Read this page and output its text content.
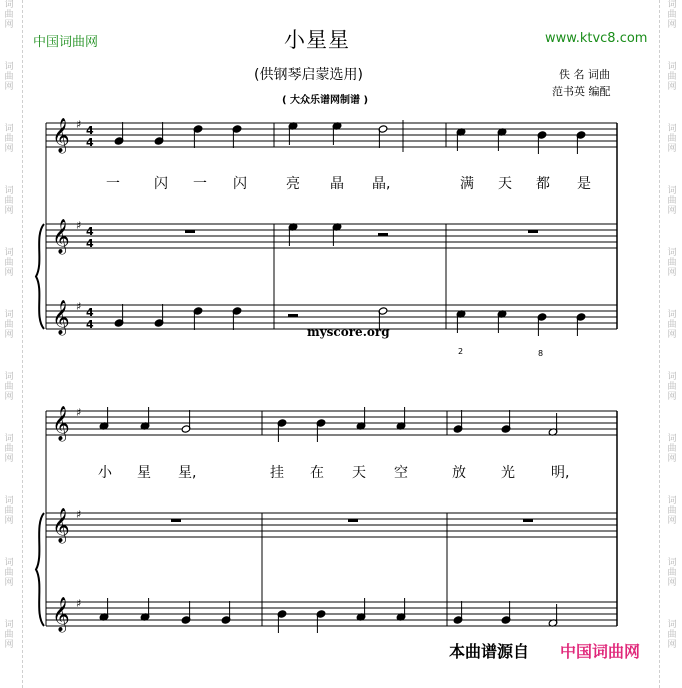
词
曲
网
词
曲
网
词
曲
网
词
曲
网
词
曲
网
词
曲
网
词
曲
网
词
曲
网
词
曲
网
词
曲
网
词
曲
网
词
曲
网
词
曲
网
词
曲
网
词
曲
网
词
曲
网
词
曲
网
词
曲
网
词
曲
网
词
曲
网
词
曲
网
词
曲
网
中国词曲网	www.ktvc8.com
小星星
(供钢琴启蒙选用)
( 大众乐谱网制谱 )
佚 名 词曲
范书英 编配
𝄞 ♯ 4
4
𝄞 ♯ 4
4
𝄞 ♯ 4
4
𝄞 ♯
𝄞 ♯
𝄞 ♯
一 闪 一 闪	亮 晶 晶,	满 天 都 是
2	8
myscore.org
小 星 星,	挂 在 天 空	放	光	明,
本曲谱源自 中国词曲网
